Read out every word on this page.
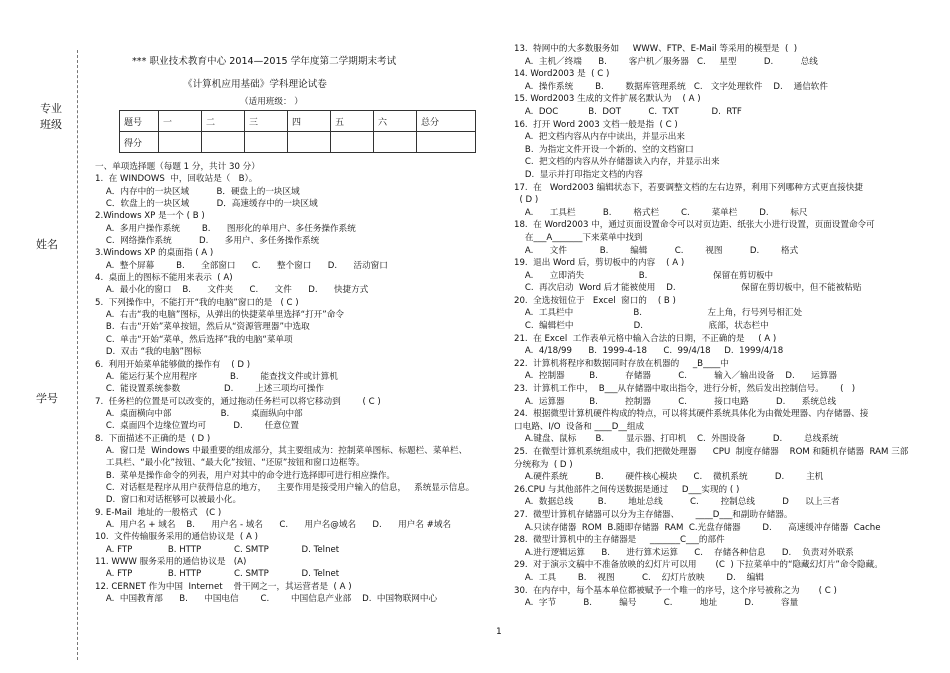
专业
班级
姓名
学号
*** 职业技术教育中心 2014—2015 学年度第二学期期末考试
《计算机应用基础》学科理论试卷
（适用班级： ）
题号	一	二	三	四	五	六	总分
得分							
一、单项选择题（每题 1 分，共计 30 分）
1.  在 WINDOWS  中，回收站是（   B）。
A．内存中的一块区域          B．硬盘上的一块区域
C．软盘上的一块区域          D．高速缓存中的一块区域
2.Windows XP 是一个 ( B )
A.  多用户操作系统        B.      图形化的单用户、多任务操作系统
C.  网络操作系统          D.      多用户、多任务操作系统
3.Windows XP 的桌面指 ( A )
A.  整个屏幕        B.      全部窗口      C.      整个窗口      D.      活动窗口
4.  桌面上的图标不能用来表示  ( A)
A.  最小化的窗口    B.      文件夹      C.      文件      D.      快捷方式
5.  下列操作中，不能打开“我的电脑”窗口的是   ( C )
A.  右击“我的电脑”图标，从弹出的快捷菜单里选择“打开”命令
B.  右击“开始”菜单按钮，然后从“资源管理器”中选取
C.  单击“开始“菜单，然后选择”我的电脑“菜单项
D.  双击 “我的电脑”图标
6.  利用开始菜单能够做的操作有    ( D )
A.  能运行某个应用程序            B.        能查找文件或计算机
C.  能设置系统参数                D.        上述三项均可操作
7.  任务栏的位置是可以改变的，通过拖动任务栏可以将它移动到        ( C )
A.  桌面横向中部                  B.        桌面纵向中部
C.  桌面四个边缘位置均可          D.        任意位置
8.  下面描述不正确的是  ( D )
A.  窗口是  Windows 中最重要的组成部分，其主要组成为：控制菜单图标、标题栏、菜单栏、
工具栏、“最小化”按钮、“最大化”按钮、“还原”按钮和窗口边框等。
B.  菜单是操作命令的列表，用户对其中的命令进行选择即可进行相应操作。
C.  对话框是程序从用户获得信息的地方，    主要作用是接受用户输入的信息，   系统显示信息。
D.  窗口和对话框够可以被最小化。
9. E-Mail  地址的一般格式   (C )
A.  用户名 + 域名    B.      用户名 - 域名      C.      用户名@域名      D.      用户名 #域名
10.  文件传输服务采用的通信协议是  ( A )
A. FTP             B. HTTP            C. SMTP            D. Telnet
11. WWW 服务采用的通信协议是   (A)
A. FTP             B. HTTP            C. SMTP            D. Telnet
12. CERNET 作为中国  Internet    骨干网之一，其运营者是  ( A )
A.  中国教育部      B.      中国电信        C.        中国信息产业部    D.  中国物联网中心
13.  特网中的大多数服务如     WWW、FTP、E-Mail 等采用的模型是  (  )
A.  主机／终端      B.        客户机／服务器   C.     星型          D.          总线
14. Word2003 是  ( C )
A.  操作系统        B.        数据库管理系统   C.   文字处理软件    D.    通信软件
15. Word2003 生成的文件扩展名默认为    ( A )
A.  DOC           B.  DOT          C.  TXT            D.  RTF
16.  打开 Word 2003 文档一般是指  ( C )
A.  把文档内容从内存中读出，并显示出来
B.  为指定文件开设一个新的、空的文档窗口
C.  把文档的内容从外存储器读入内存，并显示出来
D.  显示并打印指定文档的内容
17.  在   Word2003 编辑状态下，若要调整文档的左右边界，利用下列哪种方式更直接快捷
( D )
A.      工具栏          B.        格式栏        C.        菜单栏        D.        标尺
18.  在 Word2003 中，通过页面设置命令可以对页边距、纸张大小进行设置，页面设置命令可
在___A_______下来菜单中找到
A.      文件            B.        编辑          C.        视图          D.        格式
19.  退出 Word 后，剪切板中的内容    ( A )
A.      立即消失                    B.                        保留在剪切板中
C.  再次启动  Word 后才能被使用    D.                        保留在剪切板中，但不能被粘贴
20.  全选按钮位于   Excel  窗口的    ( B )
A.  工具栏中                      B.                        左上角，行号列号相汇处
C.  编辑栏中                      D.                        底部，状态栏中
21.  在 Excel  工作表单元格中输入合法的日期，不正确的是     ( A )
A.  4/18/99      B.  1999-4-18      C.  99/4/18     D.  1999/4/18
22.  计算机将程序和数据同时存放在机器的     _B____中
A.  控制器         B.          存储器          C.          输入／输出设备    D.      运算器
23.  计算机工作中，  B___从存储器中取出指令，进行分析，然后发出控制信号。      (   )
A.  运算器         B.          控制器          C.          接口电路          D.      系统总线
24.  根据微型计算机硬件构成的特点，可以将其硬件系统具体化为由微处理器、内存储器、接
口电路、I/O  设备和 ____D__组成
A.键盘、鼠标       B.        显示器、打印机    C.  外围设备          D.        总线系统
25.  在微型计算机系统组成中，我们把微处理器      CPU  制度存储器    ROM 和随机存储器  RAM 三部
分统称为  ( D )
A.硬件系统          B.        硬件核心模块      C.    微机系统          D.        主机
26.CPU 与其他部件之间传送数据是通过     D___实现的 ( )
A.  数据总线         B.        地址总线          C.        控制总线          D      以上三者
27.  微型计算机存储器可以分为主存储器、      ____D___和副助存储器。
A.只读存储器  ROM  B.随即存储器  RAM  C.光盘存储器        D.      高速缓冲存储器  Cache
28.  微型计算机中的主存储器是     _______C___的部件
A.进行逻辑运算      B.      进行算术运算      C.    存储各种信息      D.    负责对外联系
29.  对于演示文稿中不准备放映的幻灯片可以用       (C  ) 下拉菜单中的“隐藏幻灯片”命令隐藏。
A.  工具        B.    视图          C.    幻灯片放映        D.    编辑
30.  在内存中，每个基本单位都被赋予一个唯一的序号，这个序号被称之为       ( C )
A.  字节          B.          编号          C.          地址          D.          容量
1
